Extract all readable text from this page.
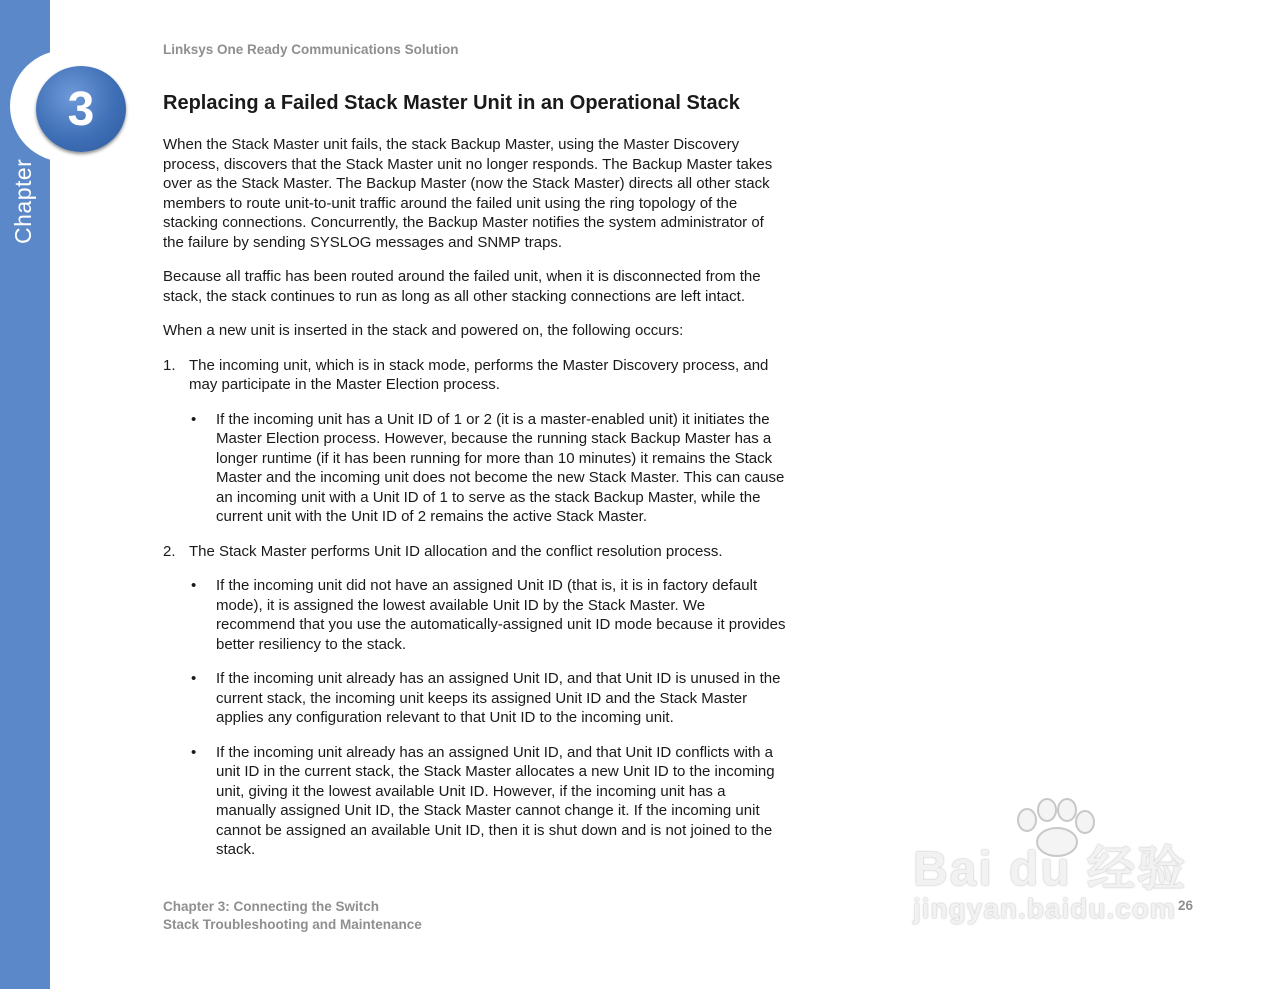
Chapter
3
Linksys One Ready Communications Solution
Replacing a Failed Stack Master Unit in an Operational Stack

When the Stack Master unit fails, the stack Backup Master, using the Master Discovery process, discovers that the Stack Master unit no longer responds. The Backup Master takes over as the Stack Master. The Backup Master (now the Stack Master) directs all other stack members to route unit-to-unit traffic around the failed unit using the ring topology of the stacking connections. Concurrently, the Backup Master notifies the system administrator of the failure by sending SYSLOG messages and SNMP traps.

Because all traffic has been routed around the failed unit, when it is disconnected from the stack, the stack continues to run as long as all other stacking connections are left intact.

When a new unit is inserted in the stack and powered on, the following occurs:

1. The incoming unit, which is in stack mode, performs the Master Discovery process, and may participate in the Master Election process.
• If the incoming unit has a Unit ID of 1 or 2 (it is a master-enabled unit) it initiates the Master Election process. However, because the running stack Backup Master has a longer runtime (if it has been running for more than 10 minutes) it remains the Stack Master and the incoming unit does not become the new Stack Master. This can cause an incoming unit with a Unit ID of 1 to serve as the stack Backup Master, while the current unit with the Unit ID of 2 remains the active Stack Master.
2. The Stack Master performs Unit ID allocation and the conflict resolution process.
• If the incoming unit did not have an assigned Unit ID (that is, it is in factory default mode), it is assigned the lowest available Unit ID by the Stack Master. We recommend that you use the automatically-assigned unit ID mode because it provides better resiliency to the stack.
• If the incoming unit already has an assigned Unit ID, and that Unit ID is unused in the current stack, the incoming unit keeps its assigned Unit ID and the Stack Master applies any configuration relevant to that Unit ID to the incoming unit.
• If the incoming unit already has an assigned Unit ID, and that Unit ID conflicts with a unit ID in the current stack, the Stack Master allocates a new Unit ID to the incoming unit, giving it the lowest available Unit ID. However, if the incoming unit has a manually assigned Unit ID, the Stack Master cannot change it. If the incoming unit cannot be assigned an available Unit ID, then it is shut down and is not joined to the stack.
Chapter 3: Connecting the Switch
Stack Troubleshooting and Maintenance
26
Bai du 经验
jingyan.baidu.com
